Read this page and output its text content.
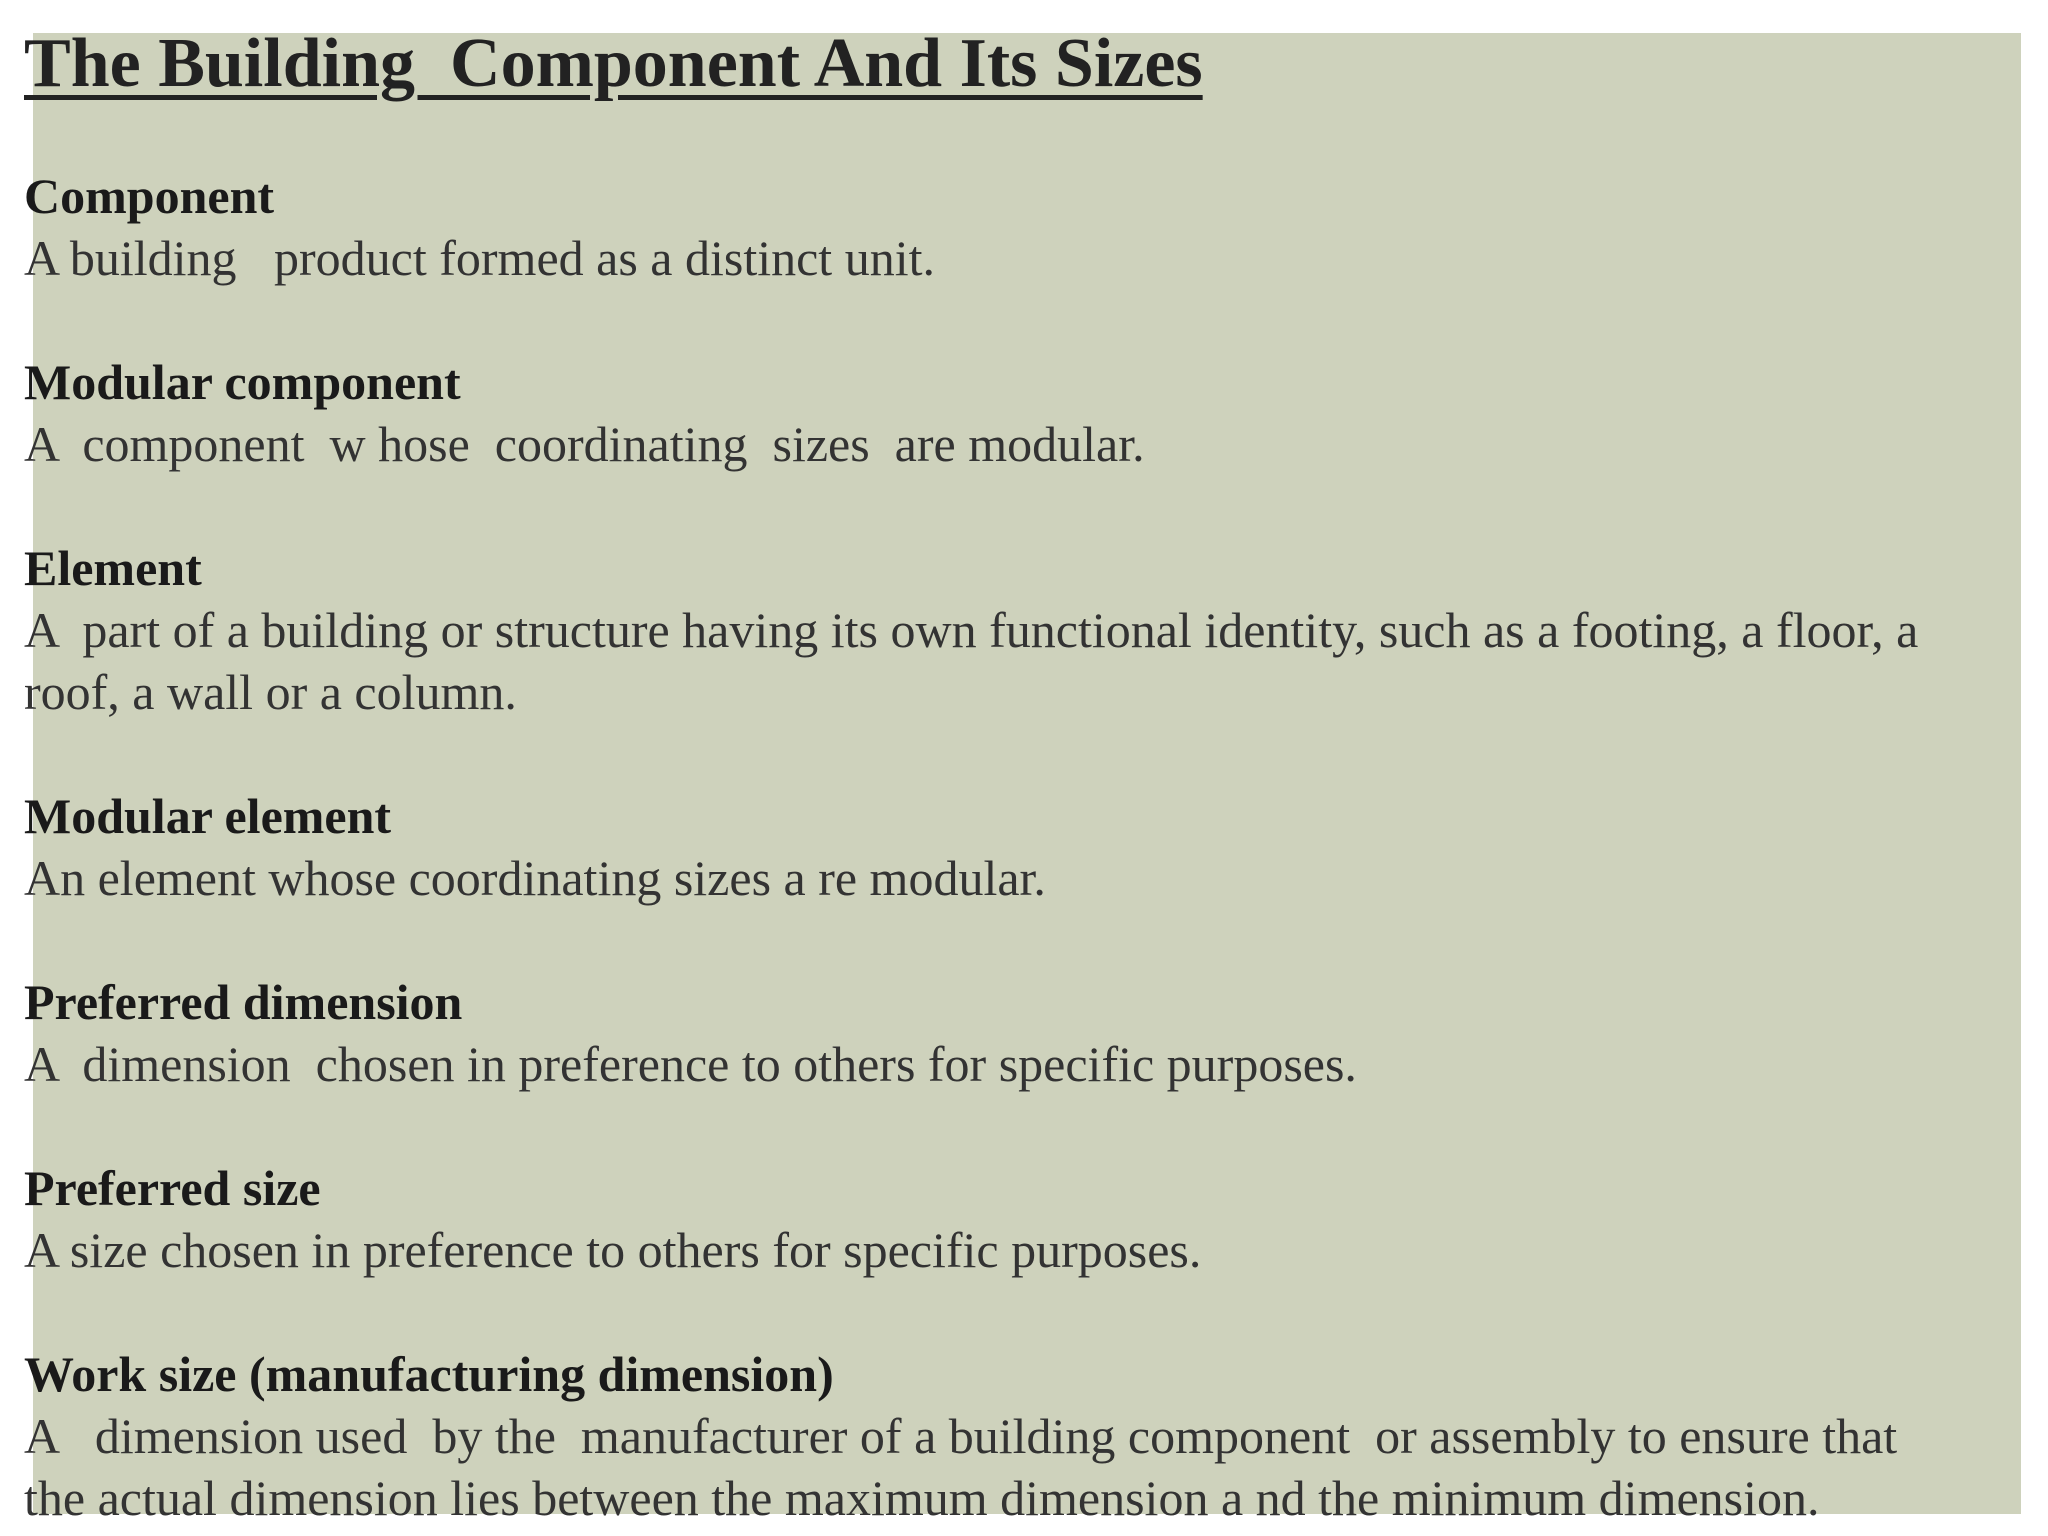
The Building  Component And Its Sizes

Component

A building   product formed as a distinct unit.

Modular component

A  component  w hose  coordinating  sizes  are modular.

Element

A  part of a building or structure having its own functional identity, such as a footing, a floor, a
roof, a wall or a column.

Modular element

An element whose coordinating sizes a re modular.

Preferred dimension

A  dimension  chosen in preference to others for specific purposes.

Preferred size

A size chosen in preference to others for specific purposes.

Work size (manufacturing dimension)

A   dimension used  by the  manufacturer of a building component  or assembly to ensure that
the actual dimension lies between the maximum dimension a nd the minimum dimension.
